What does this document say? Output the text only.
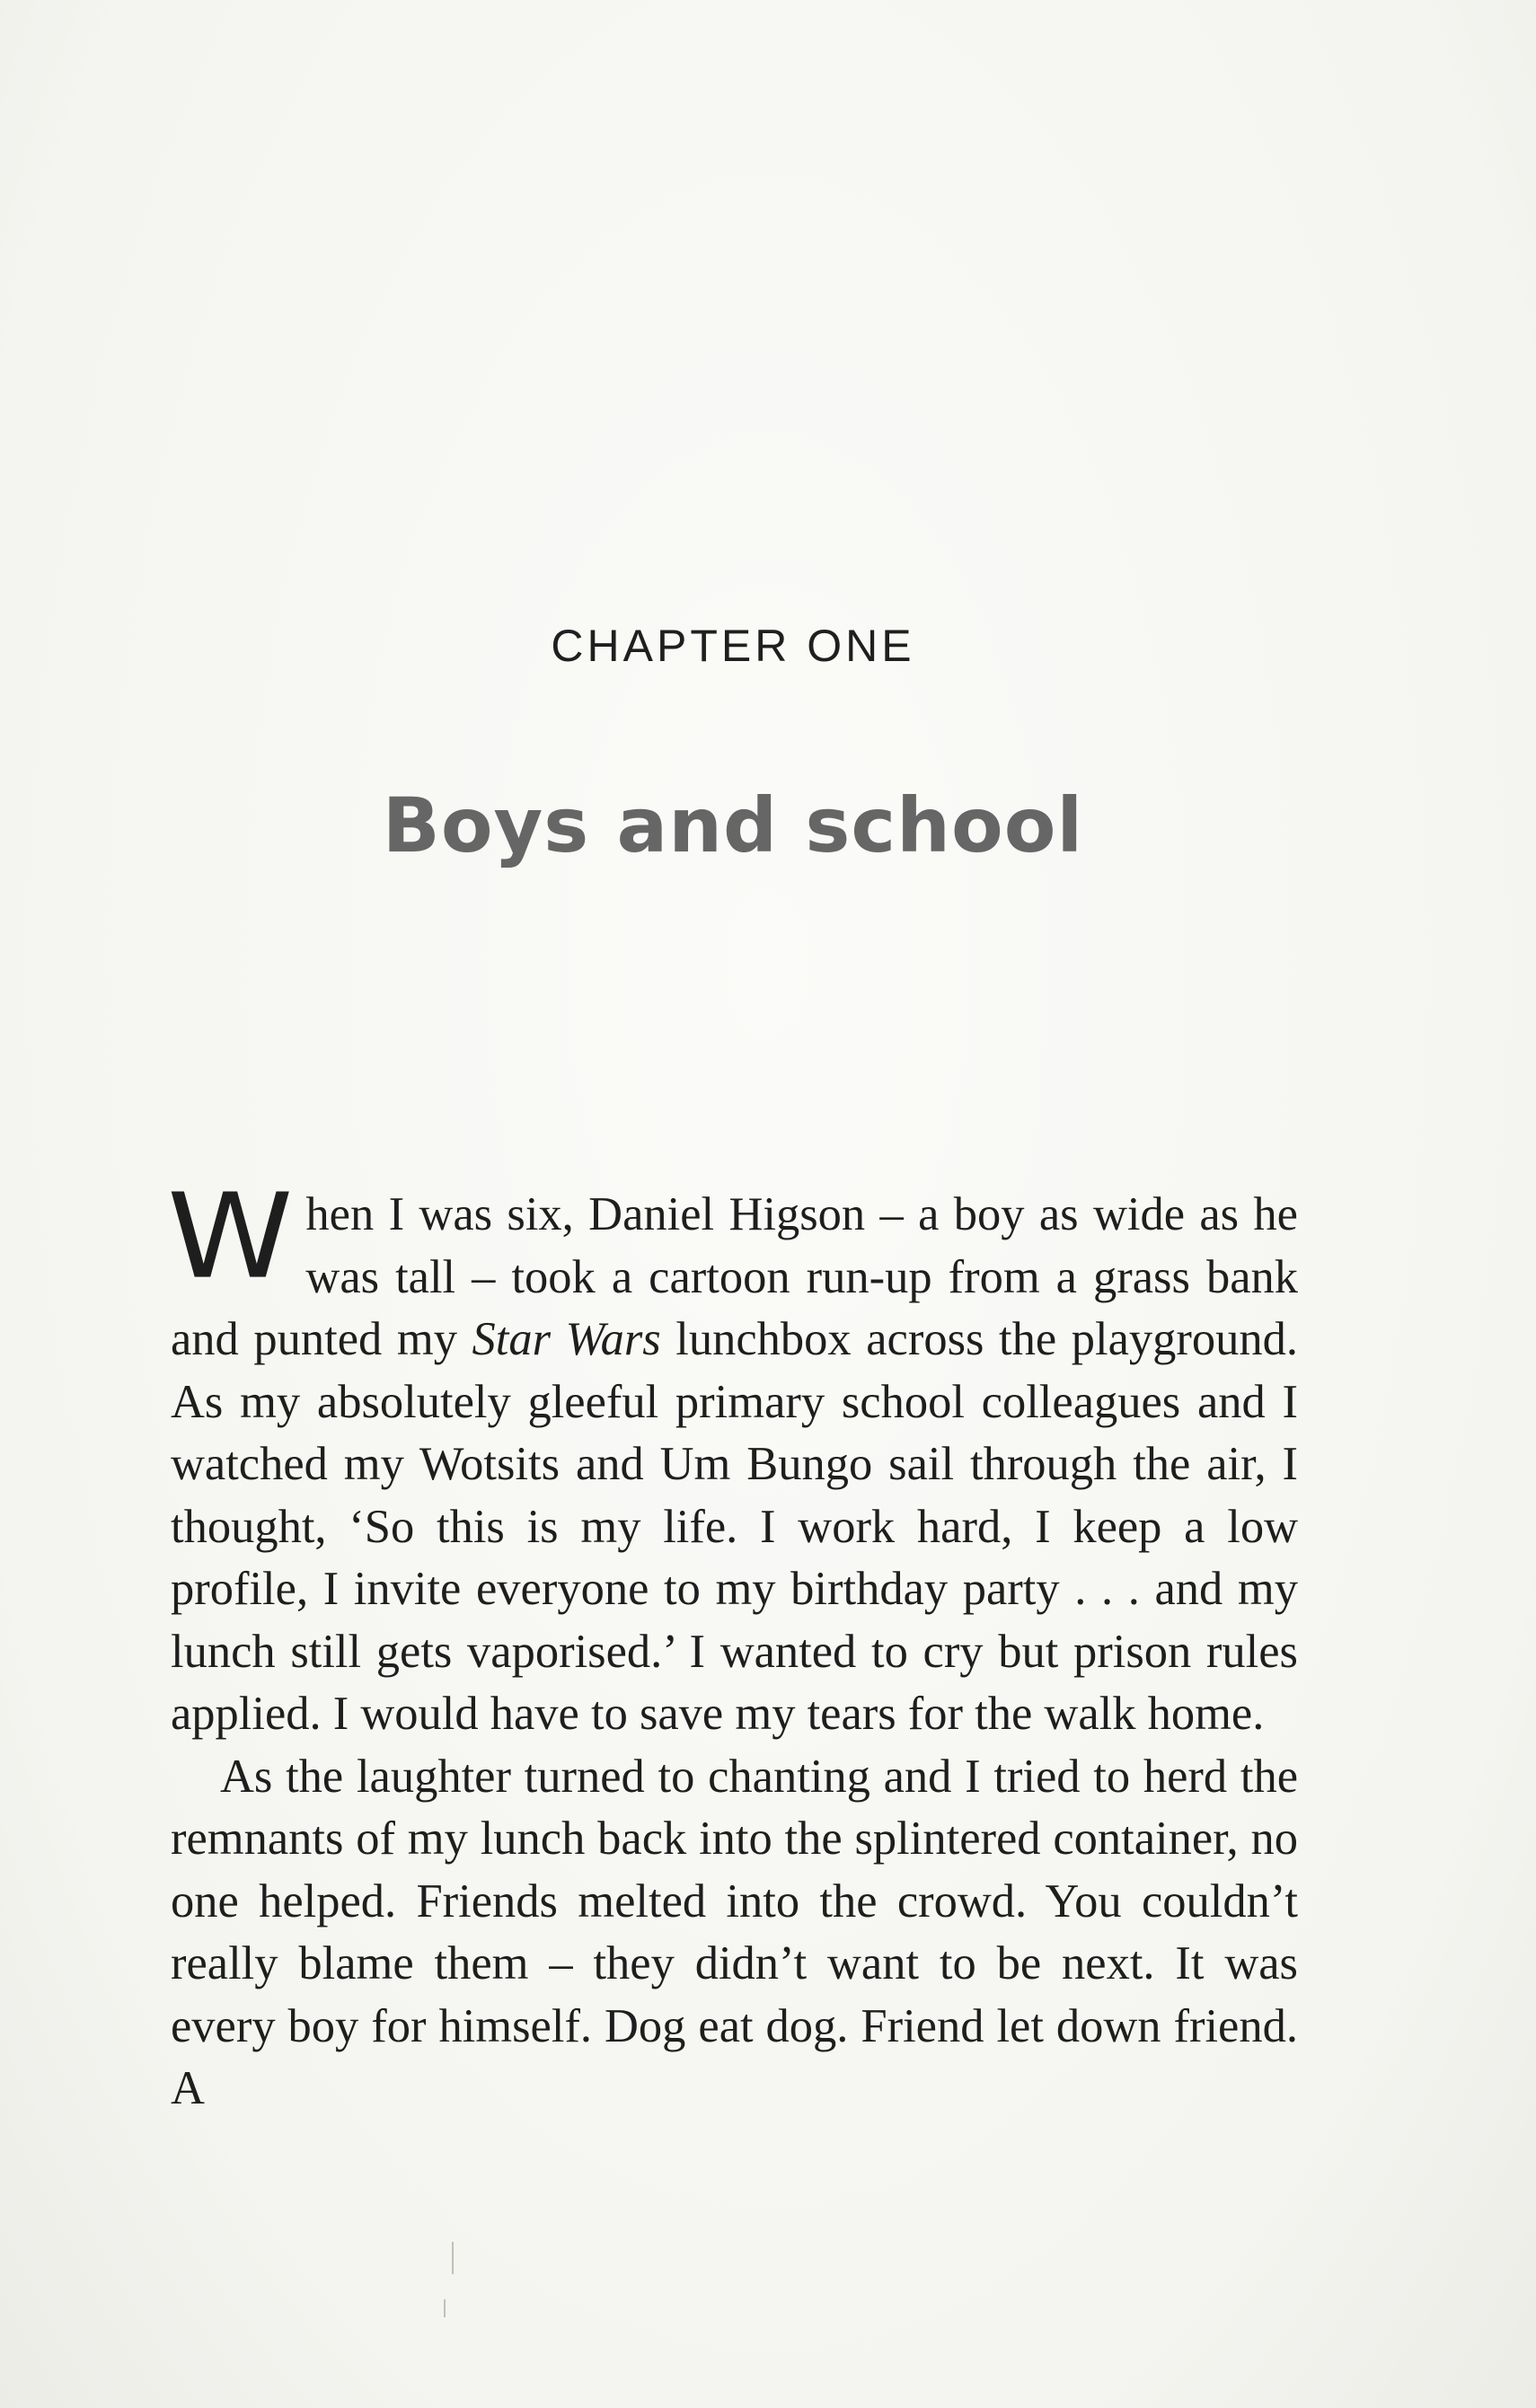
CHAPTER ONE
Boys and school

When I was six, Daniel Higson – a boy as wide as he was tall – took a cartoon run-up from a grass bank and punted my Star Wars lunchbox across the playground. As my absolutely gleeful primary school colleagues and I watched my Wotsits and Um Bungo sail through the air, I thought, ‘So this is my life. I work hard, I keep a low profile, I invite everyone to my birthday party . . . and my lunch still gets vaporised.’ I wanted to cry but prison rules applied. I would have to save my tears for the walk home.

As the laughter turned to chanting and I tried to herd the remnants of my lunch back into the splintered container, no one helped. Friends melted into the crowd. You couldn’t really blame them – they didn’t want to be next. It was every boy for himself. Dog eat dog. Friend let down friend. A
